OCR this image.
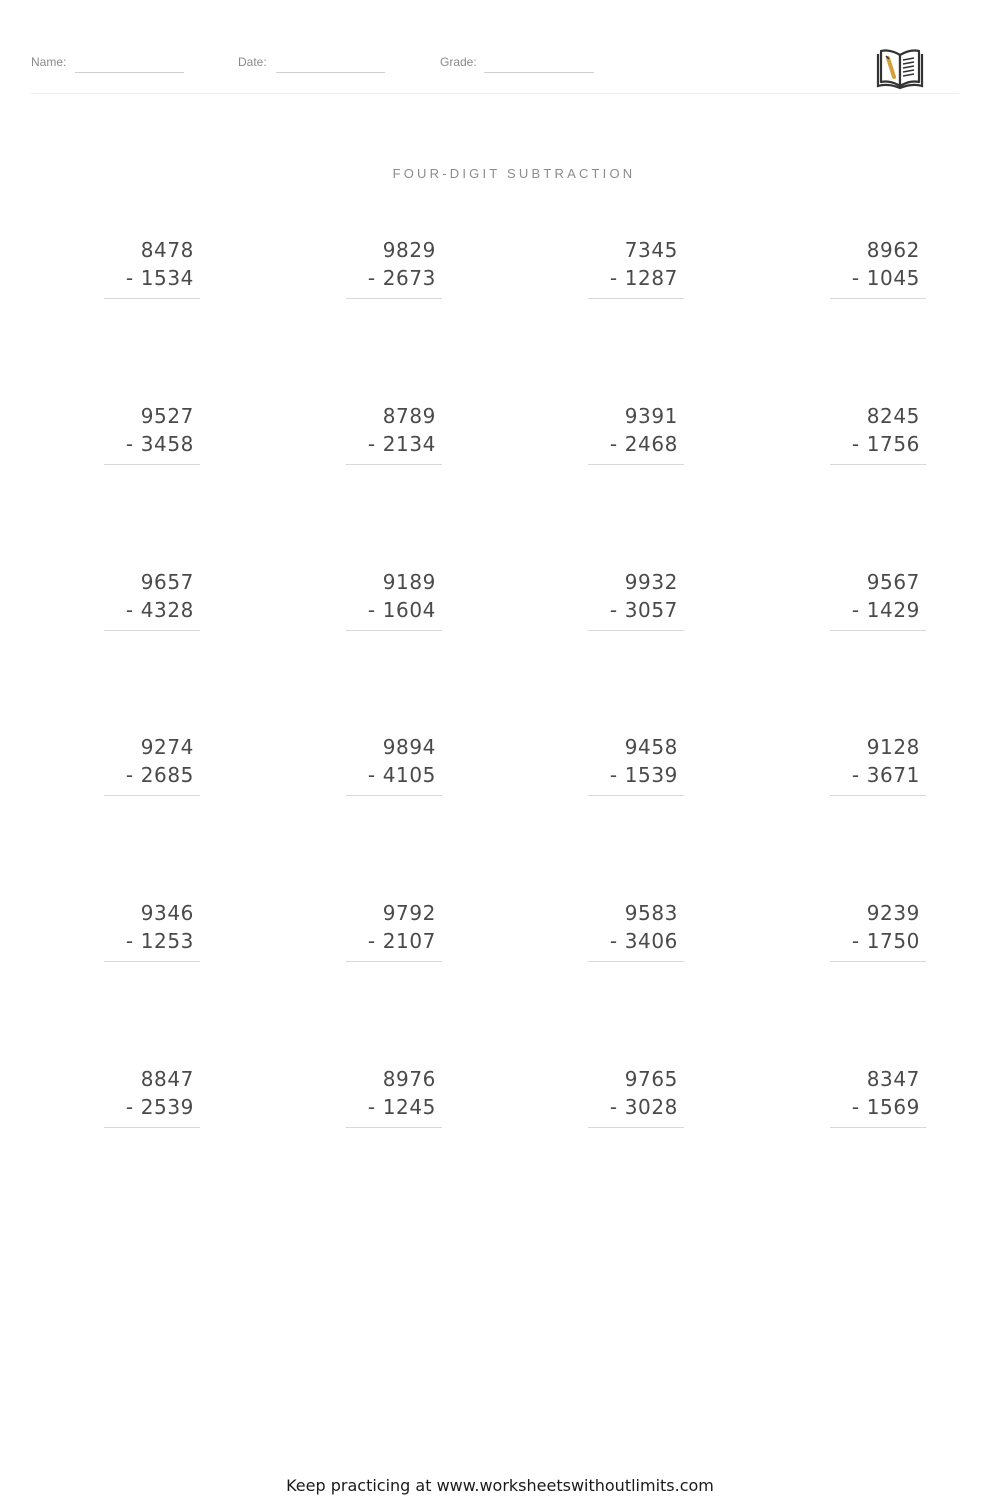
Name:	Date:	Grade:
FOUR-DIGIT SUBTRACTION
8478
- 1534
9829
- 2673
7345
- 1287
8962
- 1045
9527
- 3458
8789
- 2134
9391
- 2468
8245
- 1756
9657
- 4328
9189
- 1604
9932
- 3057
9567
- 1429
9274
- 2685
9894
- 4105
9458
- 1539
9128
- 3671
9346
- 1253
9792
- 2107
9583
- 3406
9239
- 1750
8847
- 2539
8976
- 1245
9765
- 3028
8347
- 1569
Keep practicing at www.worksheetswithoutlimits.com
